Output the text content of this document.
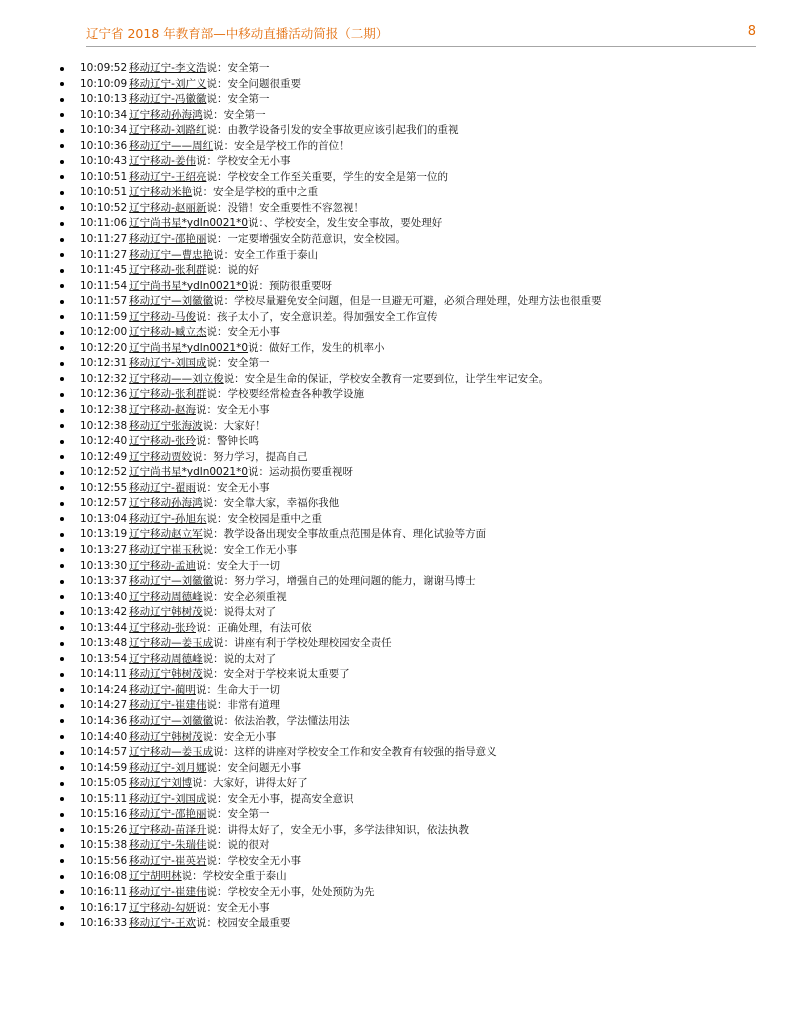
辽宁省 2018 年教育部—中移动直播活动简报（二期）	8
10:09:52 移动辽宁-李文浩说：安全第一
10:10:09 移动辽宁-刘广义说：安全问题很重要
10:10:13 移动辽宁-冯徽徽说：安全第一
10:10:34 辽宁移动孙海鸿说：安全第一
10:10:34 辽宁移动-刘路红说：由教学设备引发的安全事故更应该引起我们的重视
10:10:36 移动辽宁——周红说：安全是学校工作的首位！
10:10:43 辽宁移动-姜伟说：学校安全无小事
10:10:51 移动辽宁-王绍亮说：学校安全工作至关重要，学生的安全是第一位的
10:10:51 辽宁移动米艳说：安全是学校的重中之重
10:10:52 辽宁移动-赵丽新说：没错！安全重要性不容忽视！
10:11:06 辽宁尚书星*ydln0021*0说：、学校安全，发生安全事故，要处理好
10:11:27 移动辽宁-邵艳丽说：一定要增强安全防范意识，安全校园。
10:11:27 移动辽宁—曹忠艳说：安全工作重于泰山
10:11:45 辽宁移动-张利群说：说的好
10:11:54 辽宁尚书星*ydln0021*0说：预防很重要呀
10:11:57 移动辽宁—刘徽徽说：学校尽量避免安全问题，但是一旦避无可避，必须合理处理，处理方法也很重要
10:11:59 辽宁移动-马俊说：孩子太小了，安全意识差。得加强安全工作宣传
10:12:00 辽宁移动-臧立杰说：安全无小事
10:12:20 辽宁尚书星*ydln0021*0说：做好工作，发生的机率小
10:12:31 移动辽宁-刘国成说：安全第一
10:12:32 辽宁移动——刘立俊说：安全是生命的保证，学校安全教育一定要到位，让学生牢记安全。
10:12:36 辽宁移动-张利群说：学校要经常检查各种教学设施
10:12:38 辽宁移动-赵海说：安全无小事
10:12:38 移动辽宁张海波说：大家好！
10:12:40 辽宁移动-张玲说：警钟长鸣
10:12:49 辽宁移动贾姣说：努力学习，提高自己
10:12:52 辽宁尚书星*ydln0021*0说：运动损伤要重视呀
10:12:55 移动辽宁-翟雨说：安全无小事
10:12:57 辽宁移动孙海鸿说：安全靠大家，幸福你我他
10:13:04 移动辽宁-孙旭东说：安全校园是重中之重
10:13:19 辽宁移动赵立军说：教学设备出现安全事故重点范围是体育、理化试验等方面
10:13:27 移动辽宁崔玉秋说：安全工作无小事
10:13:30 辽宁移动-孟迪说：安全大于一切
10:13:37 移动辽宁—刘徽徽说：努力学习，增强自己的处理问题的能力，谢谢马博士
10:13:40 辽宁移动周德峰说：安全必须重视
10:13:42 移动辽宁韩树茂说：说得太对了
10:13:44 辽宁移动-张玲说：正确处理，有法可依
10:13:48 辽宁移动—姜玉成说：讲座有利于学校处理校园安全责任
10:13:54 辽宁移动周德峰说：说的太对了
10:14:11 移动辽宁韩树茂说：安全对于学校来说太重要了
10:14:24 移动辽宁-蔺明说：生命大于一切
10:14:27 移动辽宁-崔建伟说：非常有道理
10:14:36 移动辽宁—刘徽徽说：依法治教，学法懂法用法
10:14:40 移动辽宁韩树茂说：安全无小事
10:14:57 辽宁移动—姜玉成说：这样的讲座对学校安全工作和安全教育有较强的指导意义
10:14:59 移动辽宁-刘月娜说：安全问题无小事
10:15:05 移动辽宁刘博说：大家好，讲得太好了
10:15:11 移动辽宁-刘国成说：安全无小事，提高安全意识
10:15:16 移动辽宁-邵艳丽说：安全第一
10:15:26 辽宁移动-苗泽升说：讲得太好了，安全无小事，多学法律知识，依法执教
10:15:38 移动辽宁-朱瑞佳说：说的很对
10:15:56 移动辽宁-崔英岩说：学校安全无小事
10:16:08 辽宁胡明林说：学校安全重于泰山
10:16:11 移动辽宁-崔建伟说：学校安全无小事，处处预防为先
10:16:17 辽宁移动-勾妍说：安全无小事
10:16:33 移动辽宁-王欢说：校园安全最重要
